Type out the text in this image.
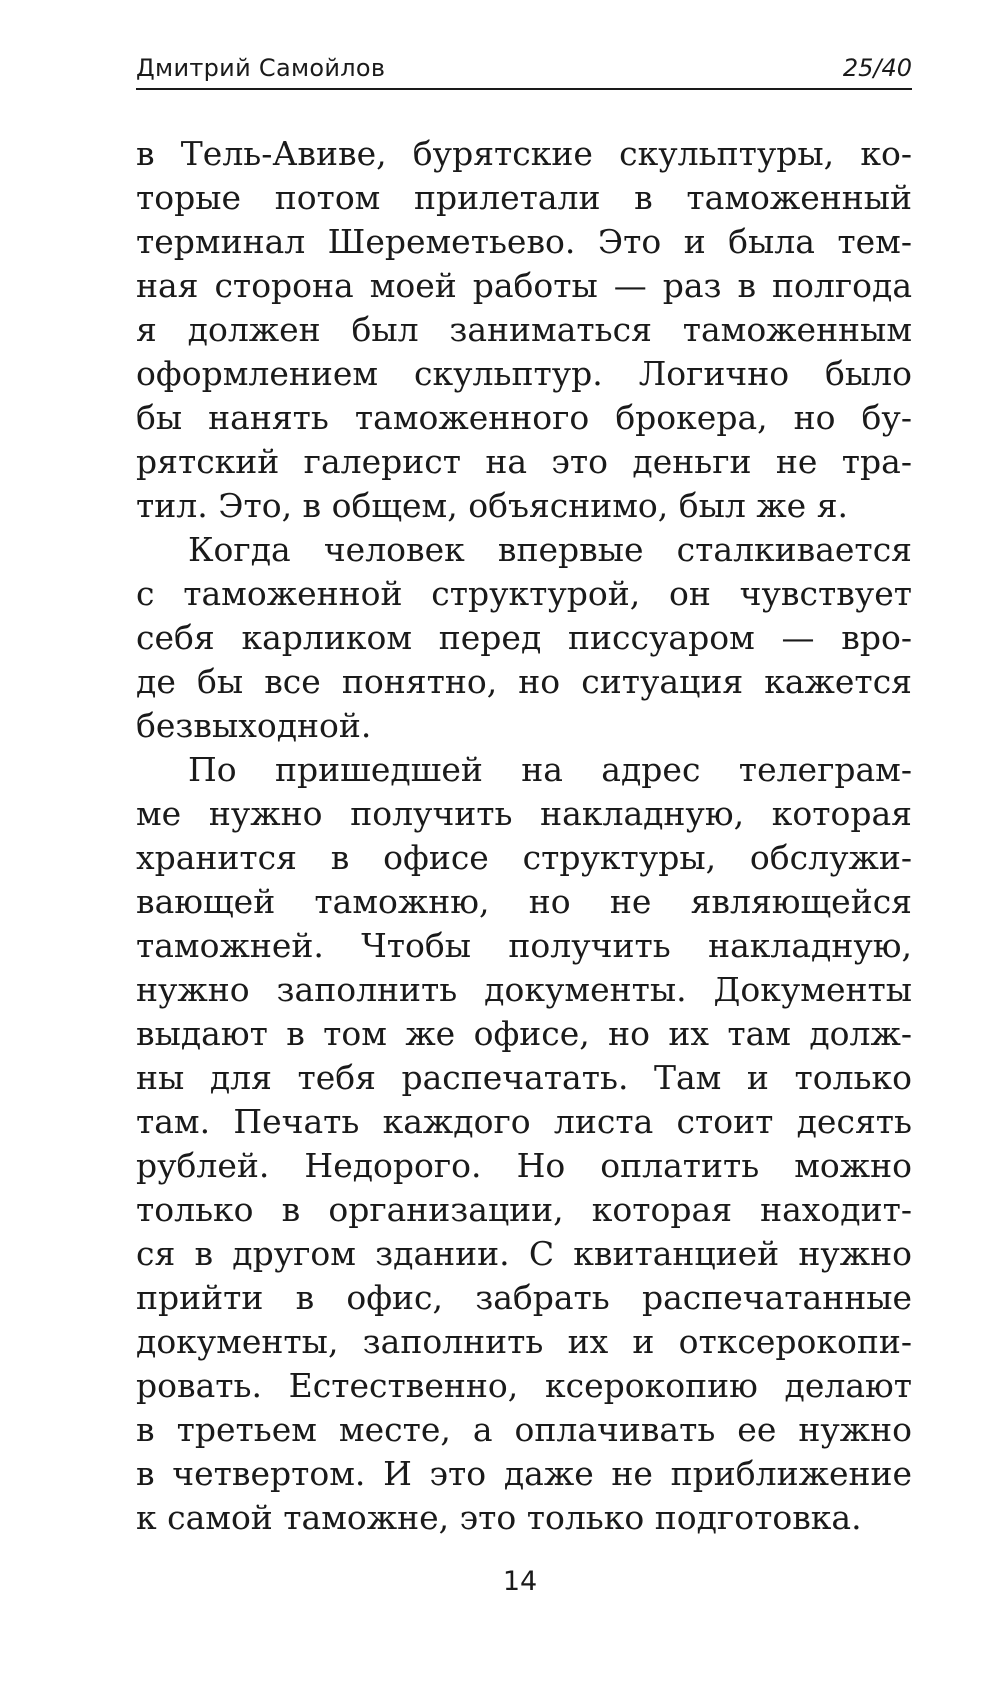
Дмитрий Самойлов	25/40
в Тель-Авиве, бурятские скульптуры, ко-
торые потом прилетали в таможенный
терминал Шереметьево. Это и была тем-
ная сторона моей работы — раз в полгода
я должен был заниматься таможенным
оформлением скульптур. Логично было
бы нанять таможенного брокера, но бу-
рятский галерист на это деньги не тра-
тил. Это, в общем, объяснимо, был же я.
Когда человек впервые сталкивается
с таможенной структурой, он чувствует
себя карликом перед писсуаром — вро-
де бы все понятно, но ситуация кажется
безвыходной.
По пришедшей на адрес телеграм-
ме нужно получить накладную, которая
хранится в офисе структуры, обслужи-
вающей таможню, но не являющейся
таможней. Чтобы получить накладную,
нужно заполнить документы. Документы
выдают в том же офисе, но их там долж-
ны для тебя распечатать. Там и только
там. Печать каждого листа стоит десять
рублей. Недорого. Но оплатить можно
только в организации, которая находит-
ся в другом здании. С квитанцией нужно
прийти в офис, забрать распечатанные
документы, заполнить их и отксерокопи-
ровать. Естественно, ксерокопию делают
в третьем месте, а оплачивать ее нужно
в четвертом. И это даже не приближение
к самой таможне, это только подготовка.
14
